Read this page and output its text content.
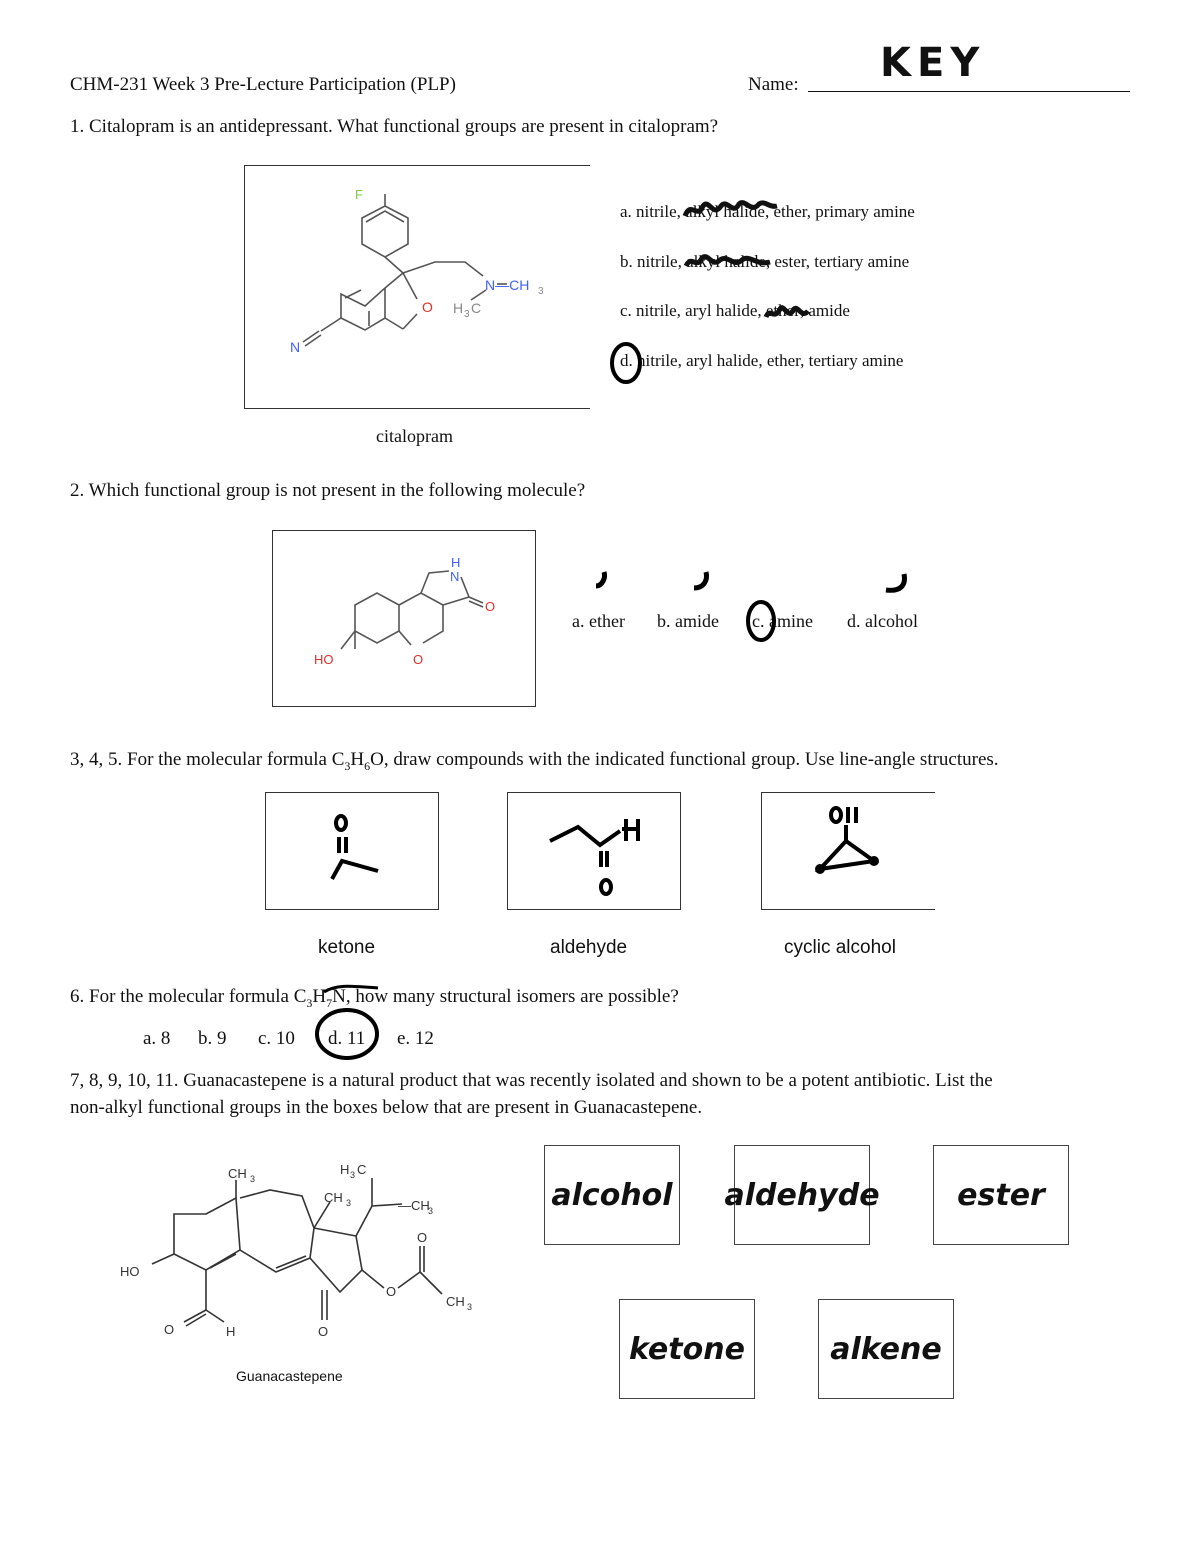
CHM-231 Week 3 Pre-Lecture Participation (PLP)	Name: KEY
1. Citalopram is an antidepressant. What functional groups are present in citalopram?
F
N—CH 3
H 3 C
O
N
citalopram
a. nitrile, alkyl halide
, ether, primary amine
b. nitrile, alkyl halide
, ester, tertiary amine
c. nitrile, aryl halide, ether
, amide
d. nitrile, aryl halide, ether, tertiary amine
2. Which functional group is not present in the following molecule?
H
N
O
HO	O
a. ether b. amide c. amine d. alcohol
3, 4, 5. For the molecular formula $C_3H_6O$, draw compounds with the indicated functional group. Use line-angle structures.
ketone	aldehyde	cyclic alcohol
6. For the molecular formula $C_3H_7N$, how many structural isomers are possible?
a. 8 b. 9 c. 10 d. 11 e. 12
7, 8, 9, 10, 11. Guanacastepene is a natural product that was recently isolated and shown to be a potent antibiotic. List the
non-alkyl functional groups in the boxes below that are present in Guanacastepene.
CH 3
CH 3
H 3 C
—CH
3
HO
O	H	O
O
O
CH 3
Guanacastepene
alcohol aldehyde	ester
ketone	alkene
